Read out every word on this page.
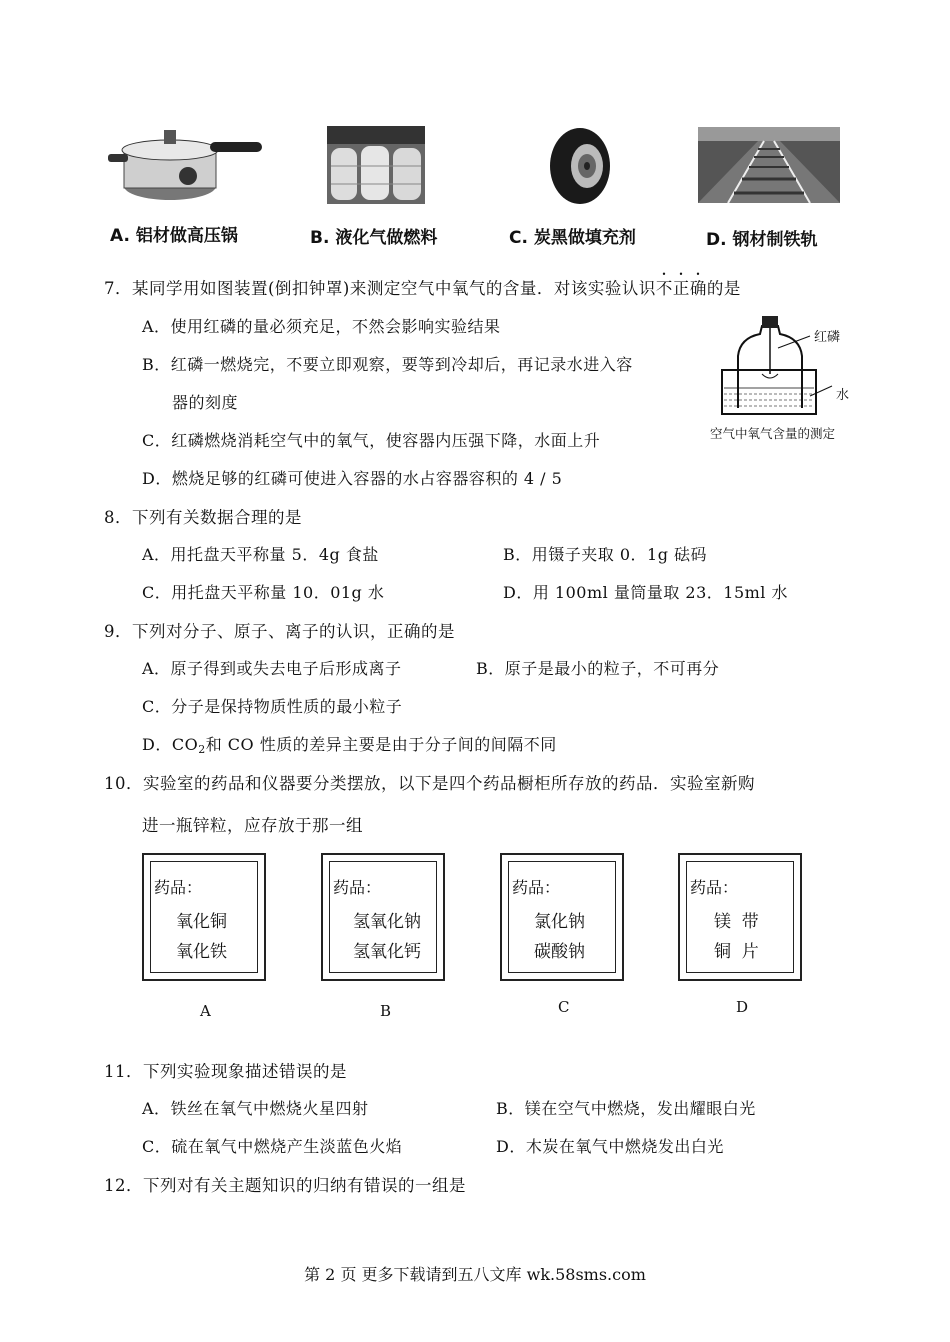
A. 铝材做高压锅	B. 液化气做燃料	C. 炭黑做填充剂	D. 钢材制铁轨
7．某同学用如图装置(倒扣钟罩)来测定空气中氧气的含量．对该实验认识不正确的是
A．使用红磷的量必须充足，不然会影响实验结果
B．红磷一燃烧完，不要立即观察，要等到冷却后，再记录水进入容
器的刻度
C．红磷燃烧消耗空气中的氧气，使容器内压强下降，水面上升
D．燃烧足够的红磷可使进入容器的水占容器容积的 4 / 5
红磷
水
空气中氧气含量的测定
8．下列有关数据合理的是
A．用托盘天平称量 5．4g 食盐	B．用镊子夹取 0．1g 砝码
C．用托盘天平称量 10．01g 水	D．用 100ml 量筒量取 23．15ml 水
9．下列对分子、原子、离子的认识，正确的是
A．原子得到或失去电子后形成离子	B．原子是最小的粒子，不可再分
C．分子是保持物质性质的最小粒子
D．$CO_2$和 CO 性质的差异主要是由于分子间的间隔不同
10．实验室的药品和仪器要分类摆放，以下是四个药品橱柜所存放的药品．实验室新购
进一瓶锌粒，应存放于那一组
药品：
氧化铜
氧化铁
药品：
氢氧化钠
氢氧化钙
药品：
氯化钠
碳酸钠
药品：
镁  带
铜  片
A	B	C	D
11．下列实验现象描述错误的是
A．铁丝在氧气中燃烧火星四射	B．镁在空气中燃烧，发出耀眼白光
C．硫在氧气中燃烧产生淡蓝色火焰	D．木炭在氧气中燃烧发出白光
12．下列对有关主题知识的归纳有错误的一组是
第 2 页 更多下载请到五八文库 wk.58sms.com
